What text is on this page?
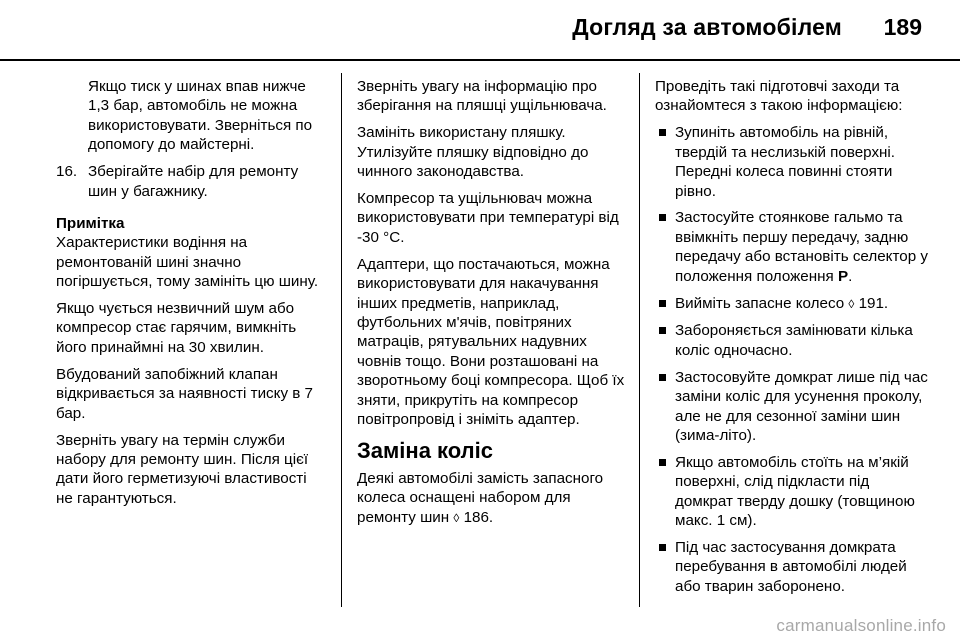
Догляд за автомобілем 189

Якщо тиск у шинах впав нижче 1,3 бар, автомобіль не можна використовувати. Зверніться по допомогу до майстерні.

16. Зберігайте набір для ремонту шин у багажнику.

Примітка

Характеристики водіння на ремонтованій шині значно погіршується, тому замініть цю шину.

Якщо чується незвичний шум або компресор стає гарячим, вимкніть його принаймні на 30 хвилин.

Вбудований запобіжний клапан відкривається за наявності тиску в 7 бар.

Зверніть увагу на термін служби набору для ремонту шин. Після цієї дати його герметизуючі властивості не гарантуються.

Зверніть увагу на інформацію про зберігання на пляшці ущільнювача.

Замініть використану пляшку. Утилізуйте пляшку відповідно до чинного законодавства.

Компресор та ущільнювач можна використовувати при температурі від -30 °C.

Адаптери, що постачаються, можна використовувати для накачування інших предметів, наприклад, футбольних м'ячів, повітряних матраців, рятувальних надувних човнів тощо. Вони розташовані на зворотньому боці компресора. Щоб їх зняти, прикрутіть на компресор повітропровід і зніміть адаптер.

Заміна коліс

Деякі автомобілі замість запасного колеса оснащені набором для ремонту шин ◊ 186.

Проведіть такі підготовчі заходи та ознайомтеся з такою інформацією:

Зупиніть автомобіль на рівній, твердій та неслизькій поверхні. Передні колеса повинні стояти рівно.

Застосуйте стоянкове гальмо та ввімкніть першу передачу, задню передачу або встановіть селектор у положення положення P.

Вийміть запасне колесо ◊ 191.

Забороняється замінювати кілька коліс одночасно.

Застосовуйте домкрат лише під час заміни коліс для усунення проколу, але не для сезонної заміни шин (зима-літо).

Якщо автомобіль стоїть на м’якій поверхні, слід підкласти під домкрат тверду дошку (товщиною макс. 1 см).

Під час застосування домкрата перебування в автомобілі людей або тварин заборонено.

carmanualsonline.info
